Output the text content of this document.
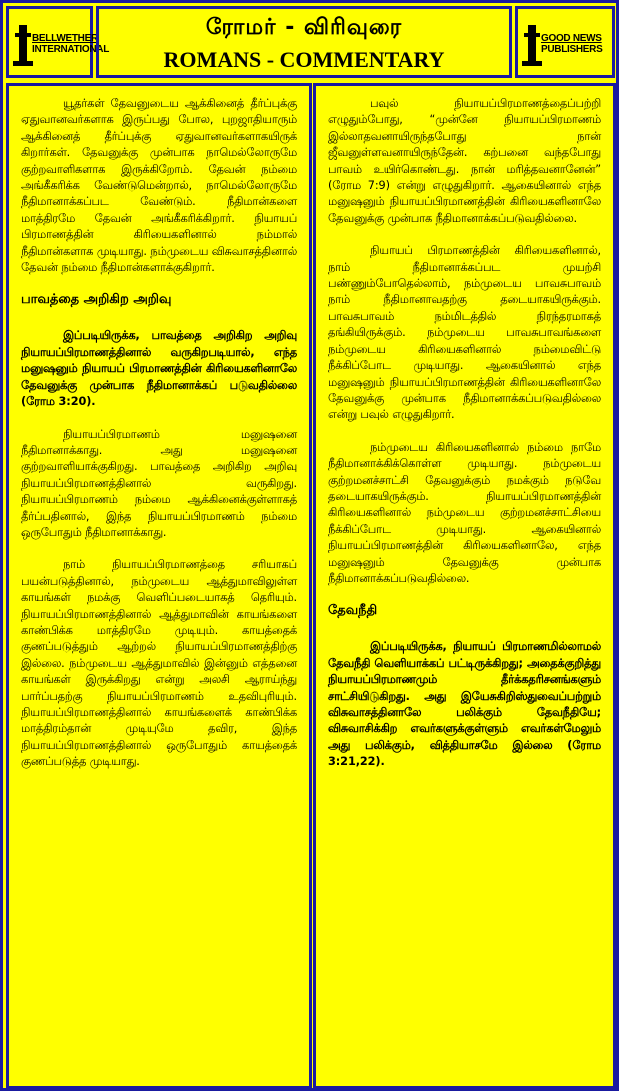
BELLWETHER
INTERNATIONAL
ரோமர் - விரிவுரை
ROMANS - COMMENTARY
GOOD NEWS
PUBLISHERS

யூதர்கள் தேவனுடைய ஆக்கினைத் தீர்ப்புக்கு ஏதுவானவர்களாக இருப்பது போல, புறஜாதியாரும் ஆக்கினைத் தீர்ப்புக்கு ஏதுவானவர்களாகயிருக் கிறார்கள். தேவனுக்கு முன்பாக நாமெல்லோருமே குற்றவாளிகளாக இருக்கிறோம். தேவன் நம்மை அங்கீகரிக்க வேண்டுமென்றால், நாமெல்லோருமே நீதிமானாக்கப்பட வேண்டும். நீதிமான்களை மாத்திரமே தேவன் அங்கீகரிக்கிறார். நியாயப் பிரமாணத்தின் கிரியைகளினால் நம்மால் நீதிமான்களாக முடியாது. நம்முடைய விசுவாசத்தினால் தேவன் நம்மை நீதிமான்களாக்குகிறார்.

பாவத்தை அறிகிற அறிவு

இப்படியிருக்க, பாவத்தை அறிகிற அறிவு நியாயப்பிரமாணத்தினால் வருகிறபடியால், எந்த மனுஷனும் நியாயப் பிரமாணத்தின் கிரியைகளினாலே தேவனுக்கு முன்பாக நீதிமானாக்கப் படுவதில்லை (ரோம 3:20).

நியாயப்பிரமாணம் மனுஷனை நீதிமானாக்காது. அது மனுஷனை குற்றவாளியாக்குகிறது. பாவத்தை அறிகிற அறிவு நியாயப்பிரமாணத்தினால் வருகிறது. நியாயப்பிரமாணம் நம்மை ஆக்கினைக்குள்ளாகத் தீர்ப்பதினால், இந்த நியாயப்பிரமாணம் நம்மை ஒருபோதும் நீதிமானாக்காது.

நாம் நியாயப்பிரமாணத்தை சரியாகப் பயன்படுத்தினால், நம்முடைய ஆத்துமாவிலுள்ள காயங்கள் நமக்கு வெளிப்படையாகத் தெரியும். நியாயப்பிரமாணத்தினால் ஆத்துமாவின் காயங்களை காண்பிக்க மாத்திரமே முடியும். காயத்தைக் குணப்படுத்தும் ஆற்றல் நியாயப்பிரமாணத்திற்கு இல்லை. நம்முடைய ஆத்துமாவில் இன்னும் எத்தனை காயங்கள் இருக்கிறது என்று அலசி ஆராய்ந்து பார்ப்பதற்கு நியாயப்பிரமாணம் உதவிபுரியும். நியாயப்பிரமாணத்தினால் காயங்களைக் காண்பிக்க மாத்திரம்தான் முடியுமே தவிர, இந்த நியாயப்பிரமாணத்தினால் ஒருபோதும் காயத்தைக் குணப்படுத்த முடியாது.

பவுல் நியாயப்பிரமாணத்தைப்பற்றி எழுதும்போது, “முன்னே நியாயப்பிரமாணம் இல்லாதவனாயிருந்தபோது நான் ஜீவனுள்ளவனாயிருந்தேன். கற்பனை வந்தபோது பாவம் உயிர்கொண்டது. நான் மரித்தவனானேன்” (ரோம 7:9) என்று எழுதுகிறார். ஆகையினால் எந்த மனுஷனும் நியாயப்பிரமாணத்தின் கிரியைகளினாலே தேவனுக்கு முன்பாக நீதிமானாக்கப்படுவதில்லை.

நியாயப் பிரமாணத்தின் கிரியைகளினால், நாம் நீதிமானாக்கப்பட முயற்சி பண்ணும்போதெல்லாம், நம்முடைய பாவசுபாவம் நாம் நீதிமானாவதற்கு தடையாகயிருக்கும். பாவசுபாவம் நம்மிடத்தில் நிரந்தரமாகத் தங்கியிருக்கும். நம்முடைய பாவசுபாவங்களை நம்முடைய கிரியைகளினால் நம்மைவிட்டு நீக்கிப்போட முடியாது. ஆகையினால் எந்த மனுஷனும் நியாயப்பிரமாணத்தின் கிரியைகளினாலே தேவனுக்கு முன்பாக நீதிமானாக்கப்படுவதில்லை என்று பவுல் எழுதுகிறார்.

நம்முடைய கிரியைகளினால் நம்மை நாமே நீதிமானாக்கிக்கொள்ள முடியாது. நம்முடைய குற்றமனச்சாட்சி தேவனுக்கும் நமக்கும் நடுவே தடையாகயிருக்கும். நியாயப்பிரமாணத்தின் கிரியைகளினால் நம்முடைய குற்றமனச்சாட்சியை நீக்கிப்போட முடியாது. ஆகையினால் நியாயப்பிரமாணத்தின் கிரியைகளினாலே, எந்த மனுஷனும் தேவனுக்கு முன்பாக நீதிமானாக்கப்படுவதில்லை.

தேவநீதி

இப்படியிருக்க, நியாயப் பிரமாணமில்லாமல் தேவநீதி வெளியாக்கப் பட்டிருக்கிறது; அதைக்குறித்து நியாயப்பிரமாணமும் தீர்க்கதரிசனங்களும் சாட்சியிடுகிறது. அது இயேசுகிறிஸ்துவைப்பற்றும் விசுவாசத்தினாலே பலிக்கும் தேவநீதியே; விசுவாசிக்கிற எவர்களுக்குள்ளும் எவர்கள்மேலும் அது பலிக்கும், வித்தியாசமே இல்லை (ரோம 3:21,22).
